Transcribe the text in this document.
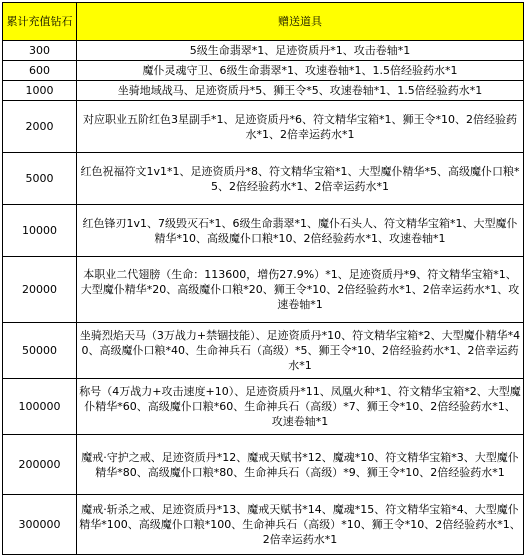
累计充值钻石	赠送道具
300	5级生命翡翠*1、足迹资质丹*1、攻击卷轴*1
600	魔仆灵魂守卫、6级生命翡翠*1、攻速卷轴*1、1.5倍经验药水*1
1000	坐骑地域战马、足迹资质丹*5、狮王令*5、攻速卷轴*1、1.5倍经验药水*1
2000	对应职业五阶红色3星副手*1、足迹资质丹*6、符文精华宝箱*1、狮王令*10、2倍经验药水*1、2倍幸运药水*1
5000	红色祝福符文1v1*1、足迹资质丹*8、符文精华宝箱*1、大型魔仆精华*5、高级魔仆口粮*5、2倍经验药水*1、2倍幸运药水*1
10000	红色锋刃1v1、7级毁灭石*1、6级生命翡翠*1、魔仆石头人、符文精华宝箱*1、大型魔仆精华*10、高级魔仆口粮*10、2倍经验药水*1、攻速卷轴*1
20000	本职业二代翅膀（生命：113600，增伤27.9%）*1、足迹资质丹*9、符文精华宝箱*1、大型魔仆精华*20、高级魔仆口粮*20、狮王令*10、2倍经验药水*1、2倍幸运药水*1、攻速卷轴*1
50000	坐骑烈焰天马（3万战力+禁锢技能）、足迹资质丹*10、符文精华宝箱*2、大型魔仆精华*40、高级魔仆口粮*40、生命神兵石（高级）*5、狮王令*10、2倍经验药水*1、2倍幸运药水*1
100000	称号（4万战力+攻击速度+10）、足迹资质丹*11、凤凰火种*1、符文精华宝箱*2、大型魔仆精华*60、高级魔仆口粮*60、生命神兵石（高级）*7、狮王令*10、2倍经验药水*1、攻速卷轴*1
200000	魔戒·守护之戒、足迹资质丹*12、魔戒天赋书*12、魔魂*10、符文精华宝箱*3、大型魔仆精华*80、高级魔仆口粮*80、生命神兵石（高级）*9、狮王令*10、2倍经验药水*1
300000	魔戒·斩杀之戒、足迹资质丹*13、魔戒天赋书*14、魔魂*15、符文精华宝箱*4、大型魔仆精华*100、高级魔仆口粮*100、生命神兵石（高级）*10、狮王令*10、2倍经验药水*1、2倍幸运药水*1
